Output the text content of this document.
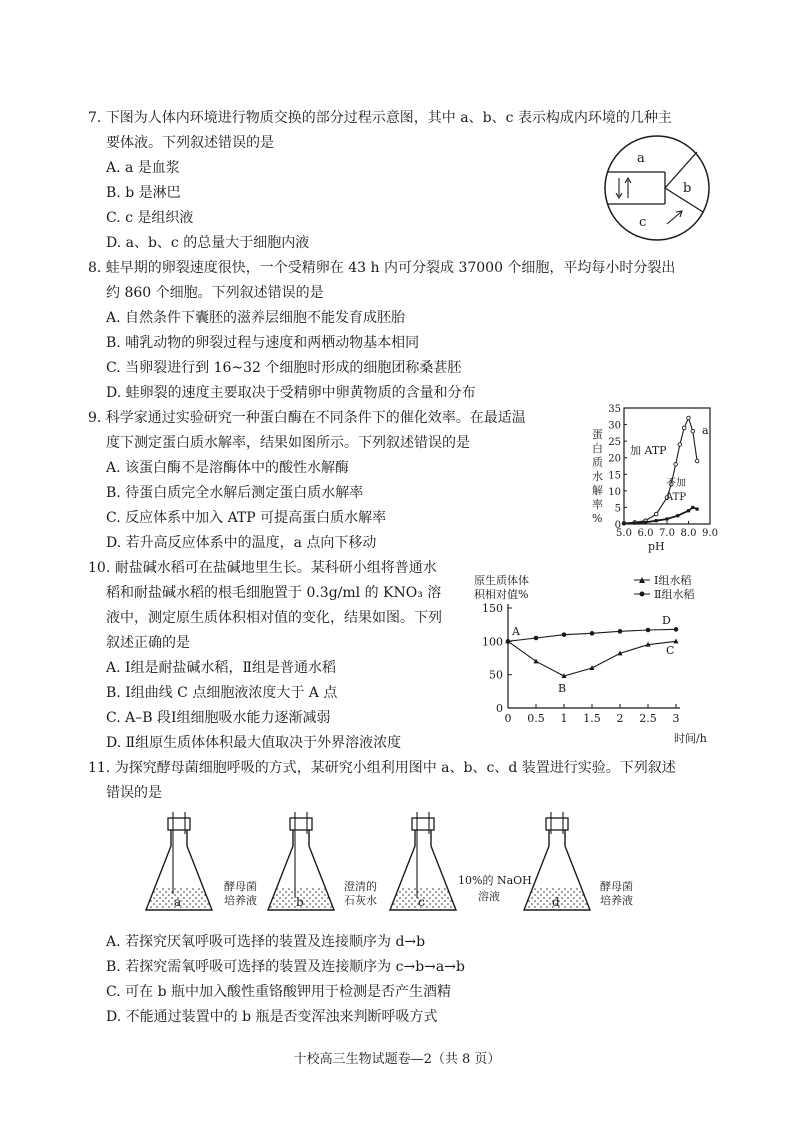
7. 下图为人体内环境进行物质交换的部分过程示意图，其中 a、b、c 表示构成内环境的几种主
要体液。下列叙述错误的是
A. a 是血浆
B. b 是淋巴
C. c 是组织液
D. a、b、c 的总量大于细胞内液
a
b
c
8. 蛙早期的卵裂速度很快，一个受精卵在 43 h 内可分裂成 37000 个细胞，平均每小时分裂出
约 860 个细胞。下列叙述错误的是
A. 自然条件下囊胚的滋养层细胞不能发育成胚胎
B. 哺乳动物的卵裂过程与速度和两栖动物基本相同
C. 当卵裂进行到 16~32 个细胞时形成的细胞团称桑葚胚
D. 蛙卵裂的速度主要取决于受精卵中卵黄物质的含量和分布
9. 科学家通过实验研究一种蛋白酶在不同条件下的催化效率。在最适温
度下测定蛋白质水解率，结果如图所示。下列叙述错误的是
A. 该蛋白酶不是溶酶体中的酸性水解酶
B. 待蛋白质完全水解后测定蛋白质水解率
C. 反应体系中加入 ATP 可提高蛋白质水解率
D. 若升高反应体系中的温度，a 点向下移动
蛋
白
质
水
解
率
%
0
5
10
15
20
25
30
35
5.0 6.0 7.0 8.0 9.0
加 ATP
不加
ATP
a
pH
10. 耐盐碱水稻可在盐碱地里生长。某科研小组将普通水
稻和耐盐碱水稻的根毛细胞置于 0.3g/ml 的 KNO₃ 溶
液中，测定原生质体积相对值的变化，结果如图。下列
叙述正确的是
A. Ⅰ组是耐盐碱水稻，Ⅱ组是普通水稻
B. Ⅰ组曲线 C 点细胞液浓度大于 A 点
C. A–B 段Ⅰ组细胞吸水能力逐渐减弱
D. Ⅱ组原生质体体积最大值取决于外界溶液浓度
原生质体体
积相对值%
Ⅰ组水稻
Ⅱ组水稻
0
50
100
150
0 0.5 1 1.5 2 2.5 3
A
B
C
D
时间/h
11. 为探究酵母菌细胞呼吸的方式，某研究小组利用图中 a、b、c、d 装置进行实验。下列叙述
错误的是
a
酵母菌
培养液	b
澄清的
石灰水	c
10%的 NaOH
溶液	d
酵母菌
培养液
A. 若探究厌氧呼吸可选择的装置及连接顺序为 d→b
B. 若探究需氧呼吸可选择的装置及连接顺序为 c→b→a→b
C. 可在 b 瓶中加入酸性重铬酸钾用于检测是否产生酒精
D. 不能通过装置中的 b 瓶是否变浑浊来判断呼吸方式
十校高三生物试题卷—2（共 8 页）
